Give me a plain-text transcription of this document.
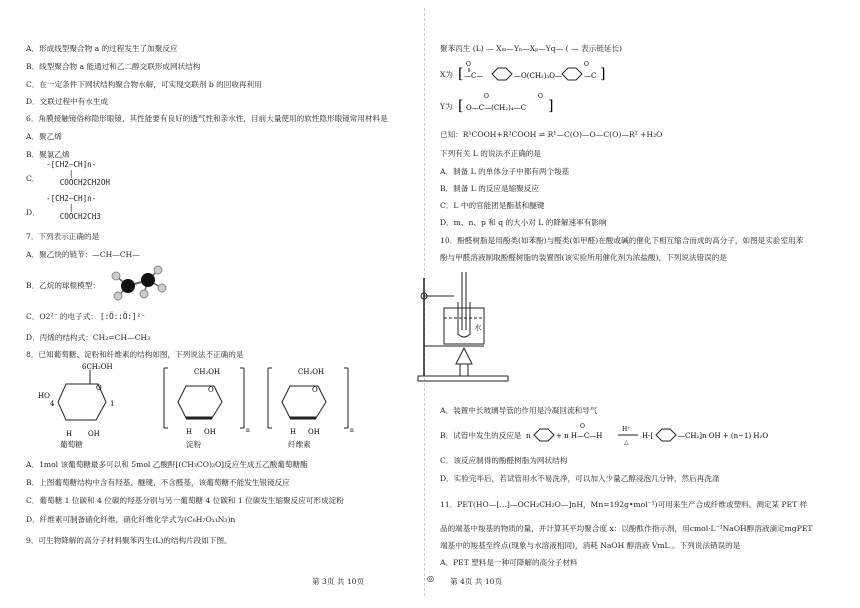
A．形成线型聚合物 a 的过程发生了加聚反应
B．线型聚合物 a 能通过和乙二醇交联形成网状结构
C．在一定条件下网状结构聚合物水解，可实现交联剂 b 的回收再利用
D．交联过程中有水生成
6．角膜接触镜俗称隐形眼镜，其性能要有良好的透气性和亲水性，目前大量使用的软性隐形眼镜常用材料是
A．聚乙烯
B．聚氯乙烯
C．
-[CH2—CH]n-
|
COOCH2CH2OH
D．
-[CH2—CH]n-
|
COOCH2CH3
7．下列表示正确的是
A．聚乙炔的链节：—CH—CH—
B．乙烷的球棍模型：
C．O2²⁻ 的电子式： [:Ö::Ö:]²⁻
D．丙烯的结构式：CH₂=CH—CH₃
8．已知葡萄糖、淀粉和纤维素的结构如图，下列说法不正确的是
6CH₂OH
O
4	1
H OH
HO
CH₂OH
O
H OH	n
CH₂OH
O
H OH	n
葡萄糖	淀粉	纤维素
A．1mol 该葡萄糖最多可以和 5mol 乙酸酐[(CH₃CO)₂O]反应生成五乙酸葡萄糖酯
B．上图葡萄糖结构中含有羟基、醚键，不含醛基，该葡萄糖不能发生银镜反应
C．葡萄糖 1 位碳和 4 位碳的羟基分别与另一葡萄糖 4 位碳和 1 位碳发生缩聚反应可形成淀粉
D．纤维素可制备硝化纤维，硝化纤维化学式为(C₆H₇O₁₁N₃)n
9．可生物降解的高分子材料聚苯丙生(L)的结构片段如下图。
第 3页 共 10页	◎
聚苯丙生 (L) — Xₘ—Yₙ—Xₚ—Yq— ( — 表示链延长)
X为 [
O
—C—	—O(CH₂)₃O—
O
—C ]
Y为 [ O—C—(CH₂)₄—C
O	O
]
已知：R¹COOH+R²COOH ⇌ R¹—C(O)—O—C(O)—R² +H₂O
下列有关 L 的说法不正确的是
A．制备 L 的单体分子中都有两个羧基
B．制备 L 的反应是缩聚反应
C．L 中的官能团是酯基和醚键
D．m、n、p 和 q 的大小对 L 的降解速率有影响
10．酚醛树脂是用酚类(如苯酚)与醛类(如甲醛)在酸或碱的催化下相互缩合而成的高分子，如图是实验室用苯
酚与甲醛溶液制取酚醛树脂的装置图(该实验所用催化剂为浓盐酸)，下列说法错误的是
水
A．装置中长玻璃导管的作用是冷凝回流和导气
B．试管中发生的反应是 n	+ n H—C—H
O	H⁺
△
H-[	—CH₂]n OH + (n−1) H₂O
C．该反应制得的酚醛树脂为网状结构
D．实验完毕后，若试管用水不易洗净，可以加入少量乙醇浸泡几分钟，然后再洗涤
11．PET(HO—[…]—OCH₂CH₂O—]nH，Mn=192g•mol⁻¹)可用来生产合成纤维或塑料。测定某 PET 样
品的端基中羧基的物质的量，并计算其平均聚合度 x：以酚酞作指示剂，用cmol·L⁻¹NaOH醇溶液滴定mgPET
端基中的羧基至终点(现象与水溶液相同)，消耗 NaOH 醇溶液 VmL 。下列说法错误的是
A．PET 塑料是一种可降解的高分子材料
第 4页 共 10页
